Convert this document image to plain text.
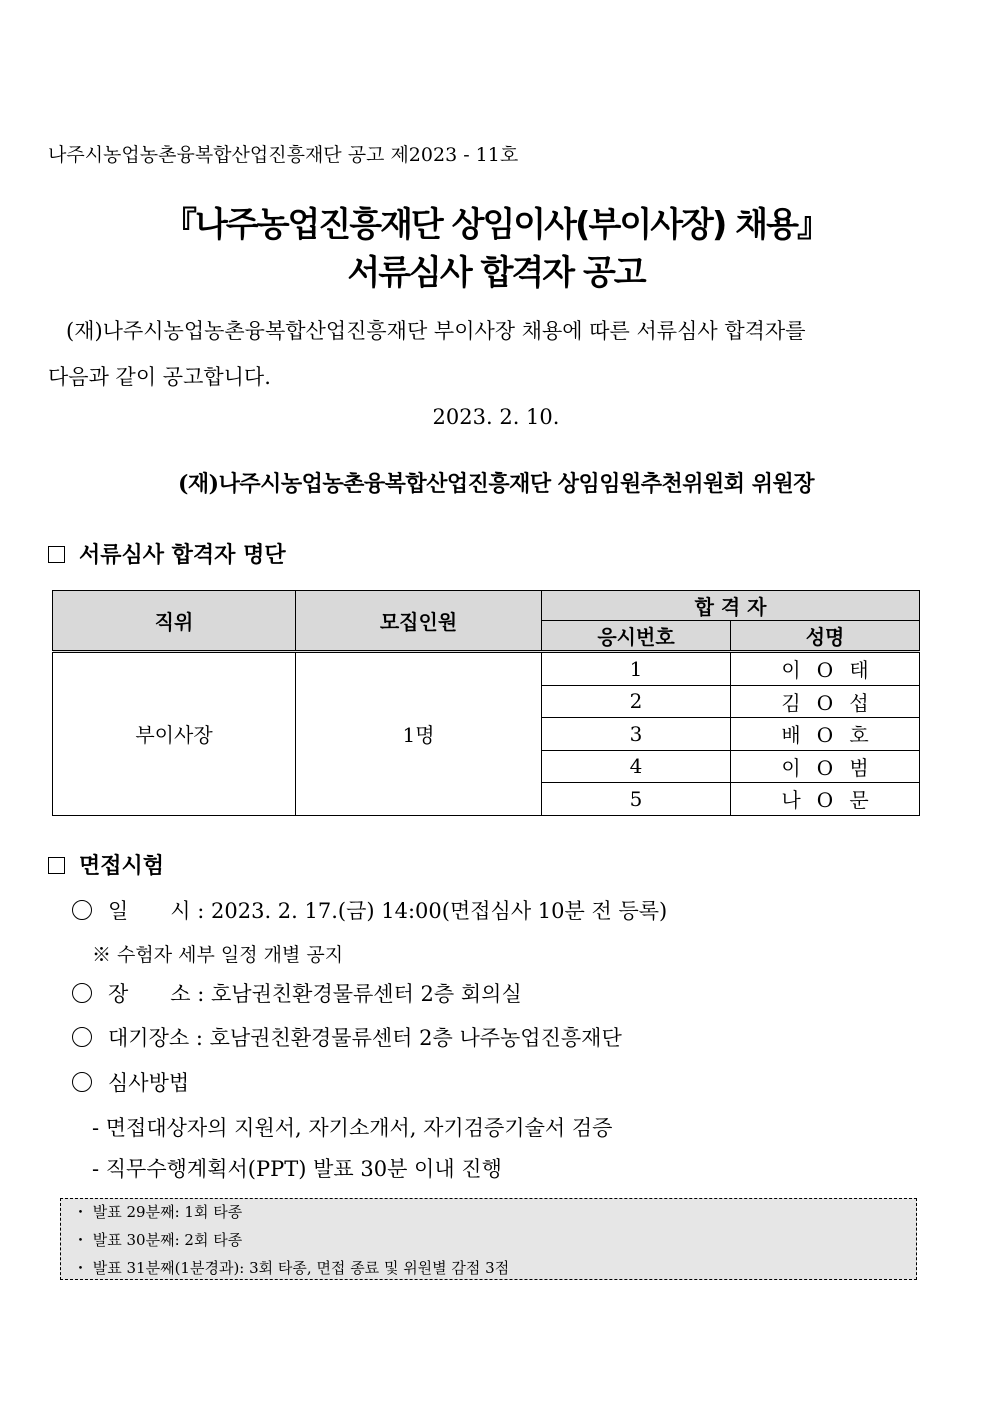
나주시농업농촌융복합산업진흥재단 공고 제2023 - 11호
『나주농업진흥재단 상임이사(부이사장) 채용』
서류심사 합격자 공고
(재)나주시농업농촌융복합산업진흥재단 부이사장 채용에 따른 서류심사 합격자를
다음과 같이 공고합니다.
2023. 2. 10.
(재)나주시농업농촌융복합산업진흥재단 상임임원추천위원회 위원장
서류심사 합격자 명단
직위	모집인원	합 격 자	
		응시번호	성명
부이사장	1명	1	이 O 태
		2	김 O 섭
		3	배 O 호
		4	이 O 범
		5	나 O 문
면접시험
일　　시 : 2023. 2. 17.(금) 14:00(면접심사 10분 전 등록)
※ 수험자 세부 일정 개별 공지
장　　소 : 호남권친환경물류센터 2층 회의실
대기장소 : 호남권친환경물류센터 2층 나주농업진흥재단
심사방법
- 면접대상자의 지원서, 자기소개서, 자기검증기술서 검증
- 직무수행계획서(PPT) 발표 30분 이내 진행
・ 발표 29분째: 1회 타종
・ 발표 30분째: 2회 타종
・ 발표 31분째(1분경과): 3회 타종, 면접 종료 및 위원별 감점 3점
